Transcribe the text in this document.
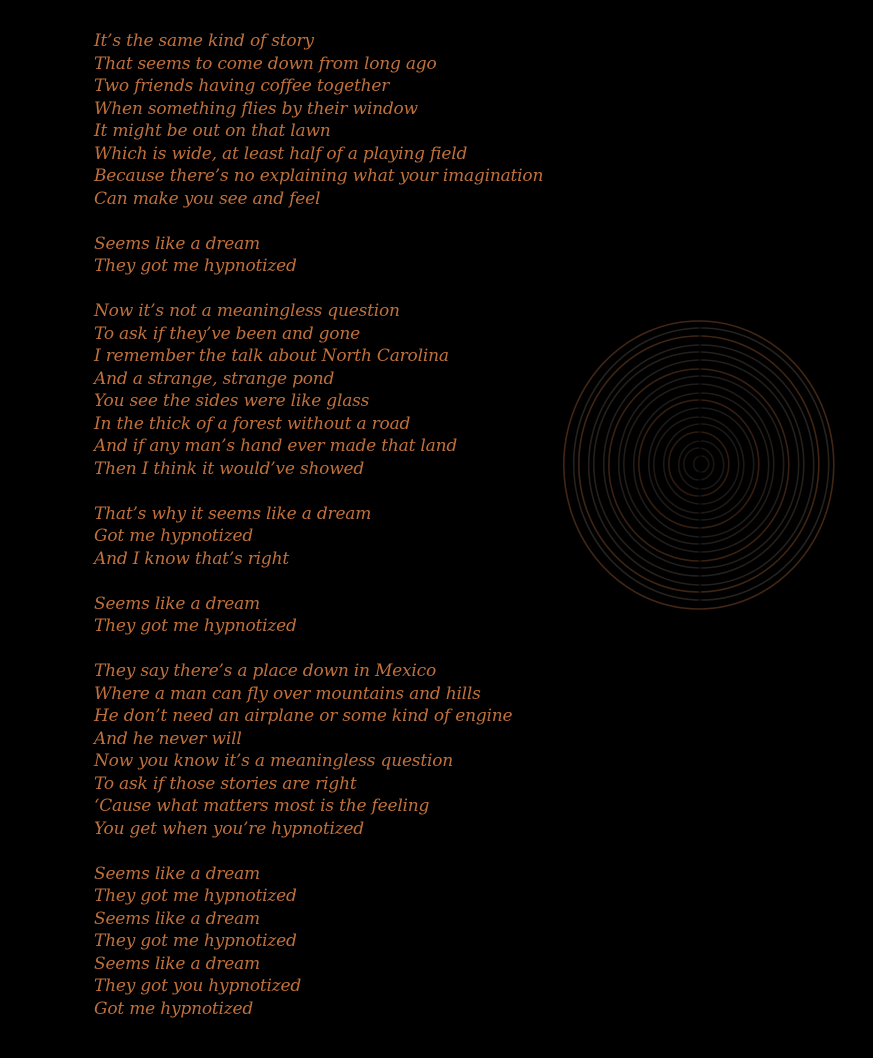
It’s the same kind of story
That seems to come down from long ago
Two friends having coffee together
When something flies by their window
It might be out on that lawn
Which is wide, at least half of a playing field
Because there’s no explaining what your imagination
Can make you see and feel
Seems like a dream
They got me hypnotized
Now it’s not a meaningless question
To ask if they’ve been and gone
I remember the talk about North Carolina
And a strange, strange pond
You see the sides were like glass
In the thick of a forest without a road
And if any man’s hand ever made that land
Then I think it would’ve showed
That’s why it seems like a dream
Got me hypnotized
And I know that’s right
Seems like a dream
They got me hypnotized
They say there’s a place down in Mexico
Where a man can fly over mountains and hills
He don’t need an airplane or some kind of engine
And he never will
Now you know it’s a meaningless question
To ask if those stories are right
‘Cause what matters most is the feeling
You get when you’re hypnotized
Seems like a dream
They got me hypnotized
Seems like a dream
They got me hypnotized
Seems like a dream
They got you hypnotized
Got me hypnotized
